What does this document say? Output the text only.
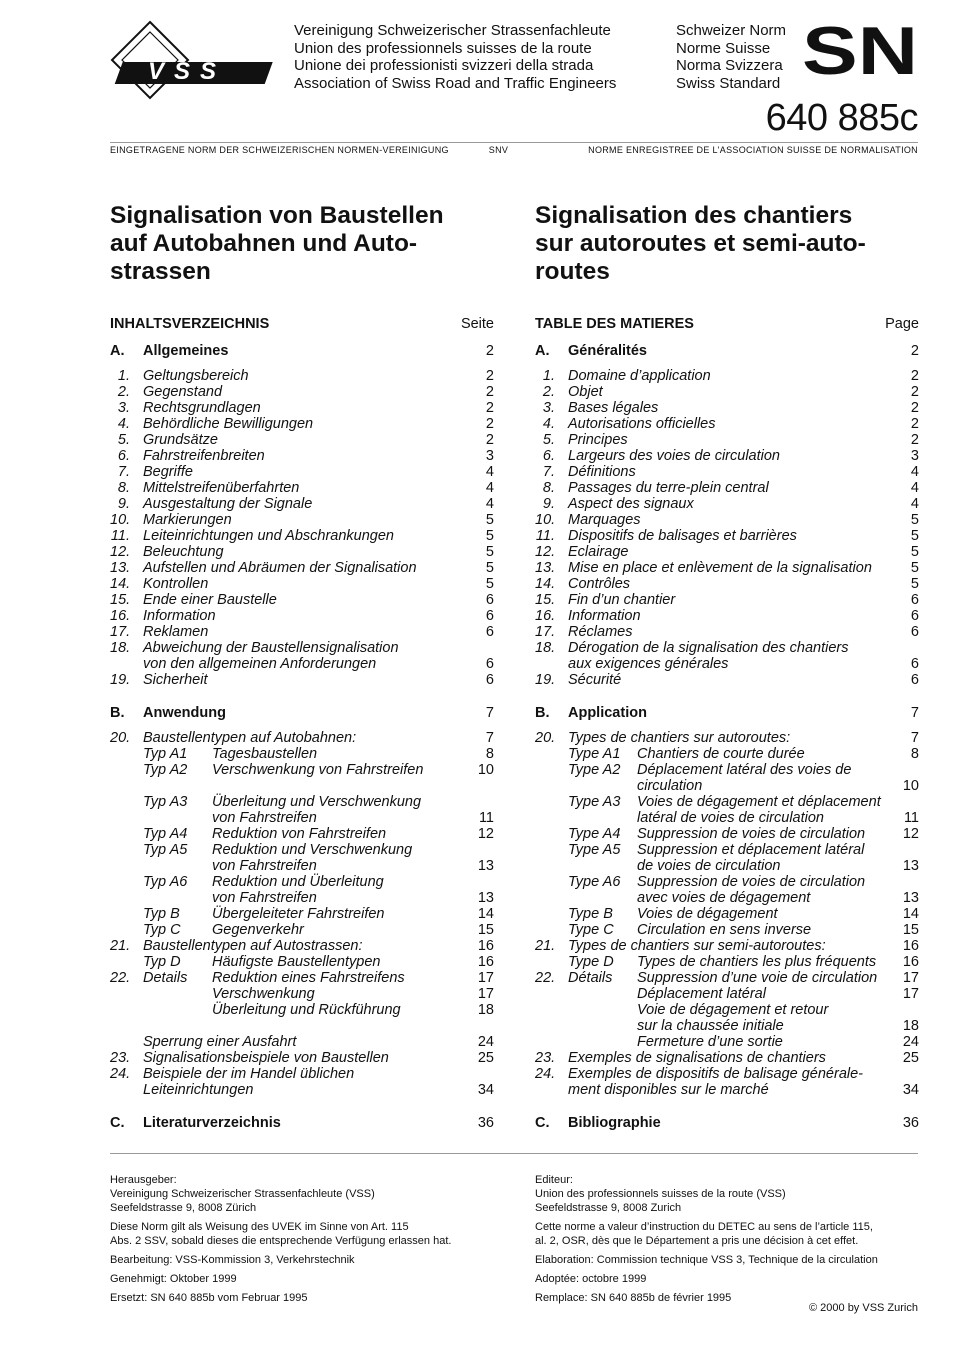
VSS
Vereinigung Schweizerischer Strassenfachleute
Union des professionnels suisses de la route
Unione dei professionisti svizzeri della strada
Association of Swiss Road and Traffic Engineers
Schweizer Norm
Norme Suisse
Norma Svizzera
Swiss Standard SN
640 885c
EINGETRAGENE NORM DER SCHWEIZERISCHEN NORMEN-VEREINIGUNG	SNV	NORME ENREGISTREE DE L'ASSOCIATION SUISSE DE NORMALISATION
Signalisation von Baustellen
auf Autobahnen und Auto-
strassen
Signalisation des chantiers
sur autoroutes et semi-auto-
routes
INHALTSVERZEICHNIS	Seite
A. Allgemeines	2
1. Geltungsbereich	2
2. Gegenstand	2
3. Rechtsgrundlagen	2
4. Behördliche Bewilligungen	2
5. Grundsätze	2
6. Fahrstreifenbreiten	3
7. Begriffe	4
8. Mittelstreifenüberfahrten	4
9. Ausgestaltung der Signale	4
10. Markierungen	5
11. Leiteinrichtungen und Abschrankungen	5
12. Beleuchtung	5
13. Aufstellen und Abräumen der Signalisation	5
14. Kontrollen	5
15. Ende einer Baustelle	6
16. Information	6
17. Reklamen	6
18. Abweichung der Baustellensignalisation
von den allgemeinen Anforderungen	6
19. Sicherheit	6
B. Anwendung	7
20. Baustellentypen auf Autobahnen:	7
Typ A1 Tagesbaustellen	8
Typ A2 Verschwenkung von Fahrstreifen	10
Typ A3 Überleitung und Verschwenkung
von Fahrstreifen	11
Typ A4 Reduktion von Fahrstreifen	12
Typ A5 Reduktion und Verschwenkung
von Fahrstreifen	13
Typ A6 Reduktion und Überleitung
von Fahrstreifen	13
Typ B Übergeleiteter Fahrstreifen	14
Typ C Gegenverkehr	15
21. Baustellentypen auf Autostrassen:	16
Typ D Häufigste Baustellentypen	16
22. Details Reduktion eines Fahrstreifens	17
Verschwenkung	17
Überleitung und Rückführung	18
Sperrung einer Ausfahrt	24
23. Signalisationsbeispiele von Baustellen	25
24. Beispiele der im Handel üblichen
Leiteinrichtungen	34
C. Literaturverzeichnis	36
TABLE DES MATIERES	Page
A. Généralités	2
1. Domaine d’application	2
2. Objet	2
3. Bases légales	2
4. Autorisations officielles	2
5. Principes	2
6. Largeurs des voies de circulation	3
7. Définitions	4
8. Passages du terre-plein central	4
9. Aspect des signaux	4
10. Marquages	5
11. Dispositifs de balisages et barrières	5
12. Eclairage	5
13. Mise en place et enlèvement de la signalisation	5
14. Contrôles	5
15. Fin d’un chantier	6
16. Information	6
17. Réclames	6
18. Dérogation de la signalisation des chantiers
aux exigences générales	6
19. Sécurité	6
B. Application	7
20. Types de chantiers sur autoroutes:	7
Type A1 Chantiers de courte durée	8
Type A2 Déplacement latéral des voies de
circulation	10
Type A3 Voies de dégagement et déplacement
latéral de voies de circulation	11
Type A4 Suppression de voies de circulation	12
Type A5 Suppression et déplacement latéral
de voies de circulation	13
Type A6 Suppression de voies de circulation
avec voies de dégagement	13
Type B Voies de dégagement	14
Type C Circulation en sens inverse	15
21. Types de chantiers sur semi-autoroutes:	16
Type D Types de chantiers les plus fréquents 16
22. Détails Suppression d’une voie de circulation 17
Déplacement latéral	17
Voie de dégagement et retour
sur la chaussée initiale	18
Fermeture d’une sortie	24
23. Exemples de signalisations de chantiers	25
24. Exemples de dispositifs de balisage générale-
ment disponibles sur le marché	34
C. Bibliographie	36

Herausgeber:
Vereinigung Schweizerischer Strassenfachleute (VSS)
Seefeldstrasse 9, 8008 Zürich

Diese Norm gilt als Weisung des UVEK im Sinne von Art. 115
Abs. 2 SSV, sobald dieses die entsprechende Verfügung erlassen hat.

Bearbeitung: VSS-Kommission 3, Verkehrstechnik

Genehmigt: Oktober 1999

Ersetzt: SN 640 885b vom Februar 1995

Editeur:
Union des professionnels suisses de la route (VSS)
Seefeldstrasse 9, 8008 Zurich

Cette norme a valeur d’instruction du DETEC au sens de l’article 115,
al. 2, OSR, dès que le Département a pris une décision à cet effet.

Elaboration: Commission technique VSS 3, Technique de la circulation

Adoptée: octobre 1999

Remplace: SN 640 885b de février 1995

© 2000 by VSS Zurich
